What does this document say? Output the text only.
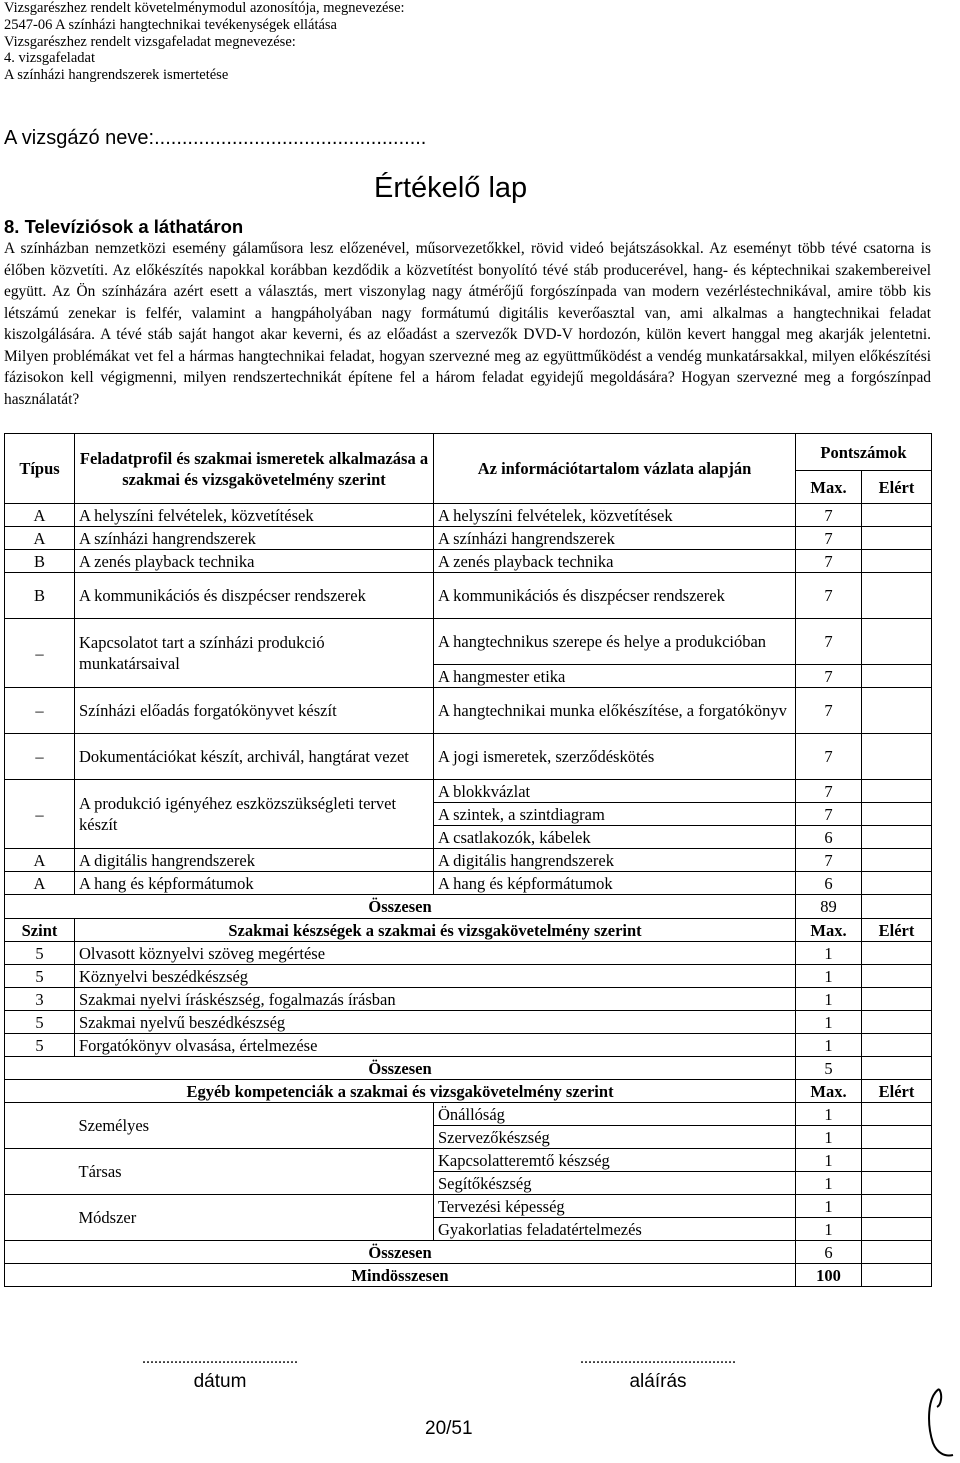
Vizsgarészhez rendelt követelménymodul azonosítója, megnevezése:
2547-06 A színházi hangtechnikai tevékenységek ellátása
Vizsgarészhez rendelt vizsgafeladat megnevezése:
4. vizsgafeladat
A színházi hangrendszerek ismertetése
A vizsgázó neve:.................................................
Értékelő lap
8. Televíziósok a láthatáron

A színházban nemzetközi esemény gálaműsora lesz előzenével, műsorvezetőkkel, rövid videó bejátszásokkal. Az eseményt több tévé csatorna is élőben közvetíti. Az előkészítés napokkal korábban kezdődik a közvetítést bonyolító tévé stáb producerével, hang- és képtechnikai szakembereivel együtt. Az Ön színházára azért esett a választás, mert viszonylag nagy átmérőjű forgószínpada van modern vezérléstechnikával, amire több kis létszámú zenekar is felfér, valamint a hangpáholyában nagy formátumú digitális keverőasztal van, ami alkalmas a hangtechnikai feladat kiszolgálására. A tévé stáb saját hangot akar keverni, és az előadást a szervezők DVD-V hordozón, külön kevert hanggal meg akarják jelentetni. Milyen problémákat vet fel a hármas hangtechnikai feladat, hogyan szervezné meg az együttműködést a vendég munkatársakkal, milyen előkészítési fázisokon kell végigmenni, milyen rendszertechnikát építene fel a három feladat egyidejű megoldására? Hogyan szervezné meg a forgószínpad használatát?

Típus	Feladatprofil és szakmai ismeretek alkalmazása a szakmai és vizsgakövetelmény szerint	Az információtartalom vázlata alapján	Pontszámok	
			Max.	Elért
A	A helyszíni felvételek, közvetítések	A helyszíni felvételek, közvetítések	7	
A	A színházi hangrendszerek	A színházi hangrendszerek	7	
B	A zenés playback technika	A zenés playback technika	7	
B	A kommunikációs és diszpécser rendszerek	A kommunikációs és diszpécser rendszerek	7	
–	Kapcsolatot tart a színházi produkció munkatársaival	A hangtechnikus szerepe és helye a produkcióban	7	
		A hangmester etika	7	
–	Színházi előadás forgatókönyvet készít	A hangtechnikai munka előkészítése, a forgatókönyv	7	
–	Dokumentációkat készít, archivál, hangtárat vezet	A jogi ismeretek, szerződéskötés	7	
–	A produkció igényéhez eszközszükségleti tervet készít	A blokkvázlat	7	
		A szintek, a szintdiagram	7	
		A csatlakozók, kábelek	6	
A	A digitális hangrendszerek	A digitális hangrendszerek	7	
A	A hang és képformátumok	A hang és képformátumok	6	
Összesen			89	
Szint	Szakmai készségek a szakmai és vizsgakövetelmény szerint		Max.	Elért
5	Olvasott köznyelvi szöveg megértése		1	
5	Köznyelvi beszédkészség		1	
3	Szakmai nyelvi íráskészség, fogalmazás írásban		1	
5	Szakmai nyelvű beszédkészség		1	
5	Forgatókönyv olvasása, értelmezése		1	
Összesen			5	
Egyéb kompetenciák a szakmai és vizsgakövetelmény szerint			Max.	Elért
	Személyes	Önállóság	1	
		Szervezőkészség	1	
	Társas	Kapcsolatteremtő készség	1	
		Segítőkészség	1	
	Módszer	Tervezési képesség	1	
		Gyakorlatias feladatértelmezés	1	
Összesen			6	
Mindösszesen			100	
.......................................
dátum
.......................................
aláírás
20/51
